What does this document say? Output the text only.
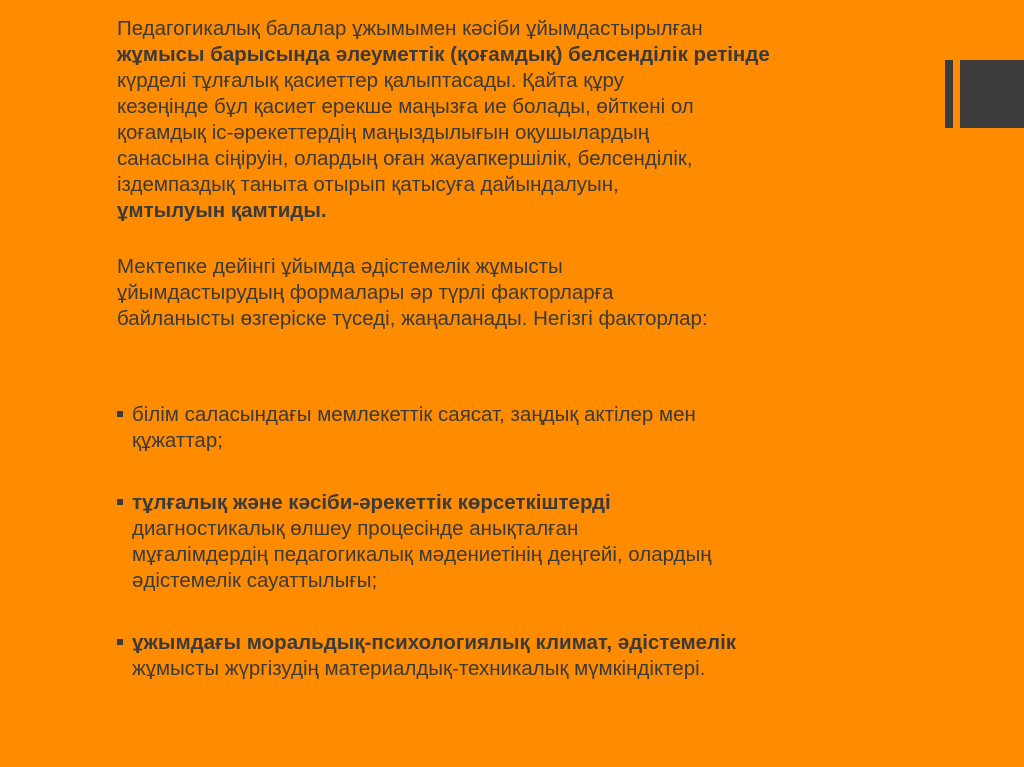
Педагогикалық балалар ұжымымен кәсіби ұйымдастырылған
жұмысы барысында әлеуметтік (қоғамдық) белсенділік ретінде
күрделі тұлғалық қасиеттер қалыптасады. Қайта құру
кезеңінде бұл қасиет ерекше маңызға ие болады, өйткені ол
қоғамдық іс-әрекеттердің маңыздылығын оқушылардың
санасына сіңіруін, олардың оған жауапкершілік, белсенділік,
іздемпаздық таныта отырып қатысуға дайындалуын,
ұмтылуын қамтиды.

Мектепке дейінгі ұйымда әдістемелік жұмысты
ұйымдастырудың формалары әр түрлі факторларға
байланысты өзгеріске түседі, жаңаланады. Негізгі факторлар:

білім саласындағы мемлекеттік саясат, заңдық актілер мен
құжаттар;
тұлғалық және кәсіби-әрекеттік көрсеткіштерді
диагностикалық өлшеу процесінде анықталған
мұғалімдердің педагогикалық мәдениетінің деңгейі, олардың
әдістемелік сауаттылығы;
ұжымдағы моральдық-психологиялық климат, әдістемелік
жұмысты жүргізудің материалдық-техникалық мүмкіндіктері.
